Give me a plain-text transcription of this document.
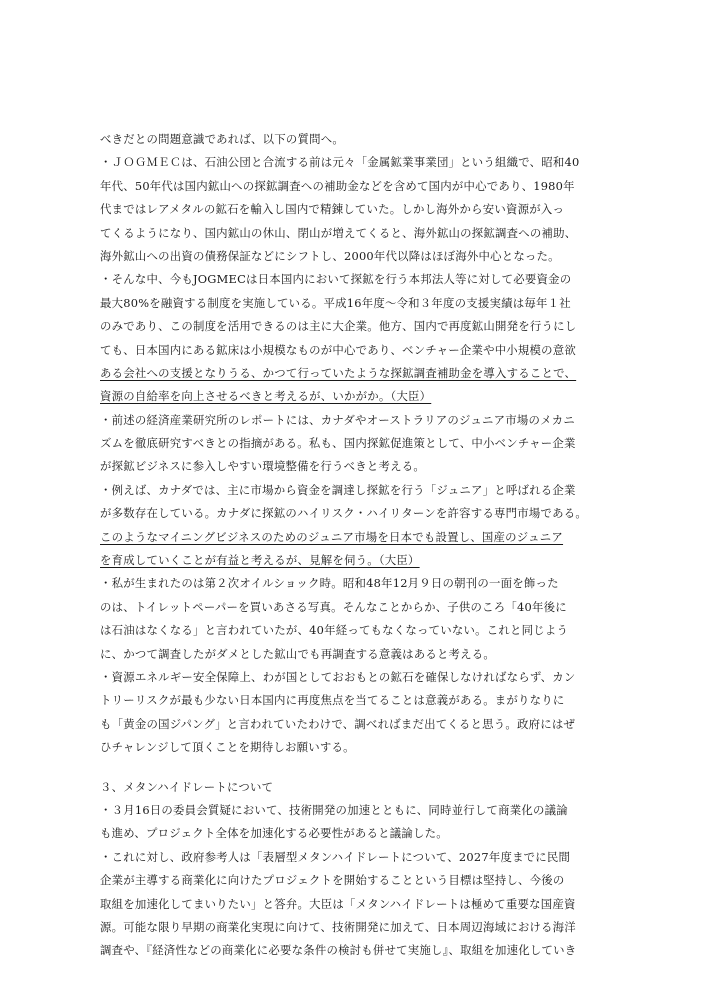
べきだとの問題意識であれば、以下の質問へ。
・ＪＯＧＭＥＣは、石油公団と合流する前は元々「金属鉱業事業団」という組織で、昭和40
年代、50年代は国内鉱山への探鉱調査への補助金などを含めて国内が中心であり、1980年
代まではレアメタルの鉱石を輸入し国内で精錬していた。しかし海外から安い資源が入っ
てくるようになり、国内鉱山の休山、閉山が増えてくると、海外鉱山の探鉱調査への補助、
海外鉱山への出資の債務保証などにシフトし、2000年代以降はほぼ海外中心となった。
・そんな中、今もJOGMECは日本国内において探鉱を行う本邦法人等に対して必要資金の
最大80%を融資する制度を実施している。平成16年度～令和３年度の支援実績は毎年１社
のみであり、この制度を活用できるのは主に大企業。他方、国内で再度鉱山開発を行うにし
ても、日本国内にある鉱床は小規模なものが中心であり、ベンチャー企業や中小規模の意欲
ある会社への支援となりうる、かつて行っていたような探鉱調査補助金を導入することで、
資源の自給率を向上させるべきと考えるが、いかがか。（大臣）
・前述の経済産業研究所のレポートには、カナダやオーストラリアのジュニア市場のメカニ
ズムを徹底研究すべきとの指摘がある。私も、国内探鉱促進策として、中小ベンチャー企業
が探鉱ビジネスに参入しやすい環境整備を行うべきと考える。
・例えば、カナダでは、主に市場から資金を調達し探鉱を行う「ジュニア」と呼ばれる企業
が多数存在している。カナダに探鉱のハイリスク・ハイリターンを許容する専門市場である。
このようなマイニングビジネスのためのジュニア市場を日本でも設置し、国産のジュニア
を育成していくことが有益と考えるが、見解を伺う。（大臣）
・私が生まれたのは第２次オイルショック時。昭和48年12月９日の朝刊の一面を飾った
のは、トイレットペーパーを買いあさる写真。そんなことからか、子供のころ「40年後に
は石油はなくなる」と言われていたが、40年経ってもなくなっていない。これと同じよう
に、かつて調査したがダメとした鉱山でも再調査する意義はあると考える。
・資源エネルギー安全保障上、わが国としておおもとの鉱石を確保しなければならず、カン
トリーリスクが最も少ない日本国内に再度焦点を当てることは意義がある。まがりなりに
も「黄金の国ジパング」と言われていたわけで、調べればまだ出てくると思う。政府にはぜ
ひチャレンジして頂くことを期待しお願いする。
３、メタンハイドレートについて
・３月16日の委員会質疑において、技術開発の加速とともに、同時並行して商業化の議論
も進め、プロジェクト全体を加速化する必要性があると議論した。
・これに対し、政府参考人は「表層型メタンハイドレートについて、2027年度までに民間
企業が主導する商業化に向けたプロジェクトを開始することという目標は堅持し、今後の
取組を加速化してまいりたい」と答弁。大臣は「メタンハイドレートは極めて重要な国産資
源。可能な限り早期の商業化実現に向けて、技術開発に加えて、日本周辺海域における海洋
調査や、『経済性などの商業化に必要な条件の検討も併せて実施し』、取組を加速化していき
